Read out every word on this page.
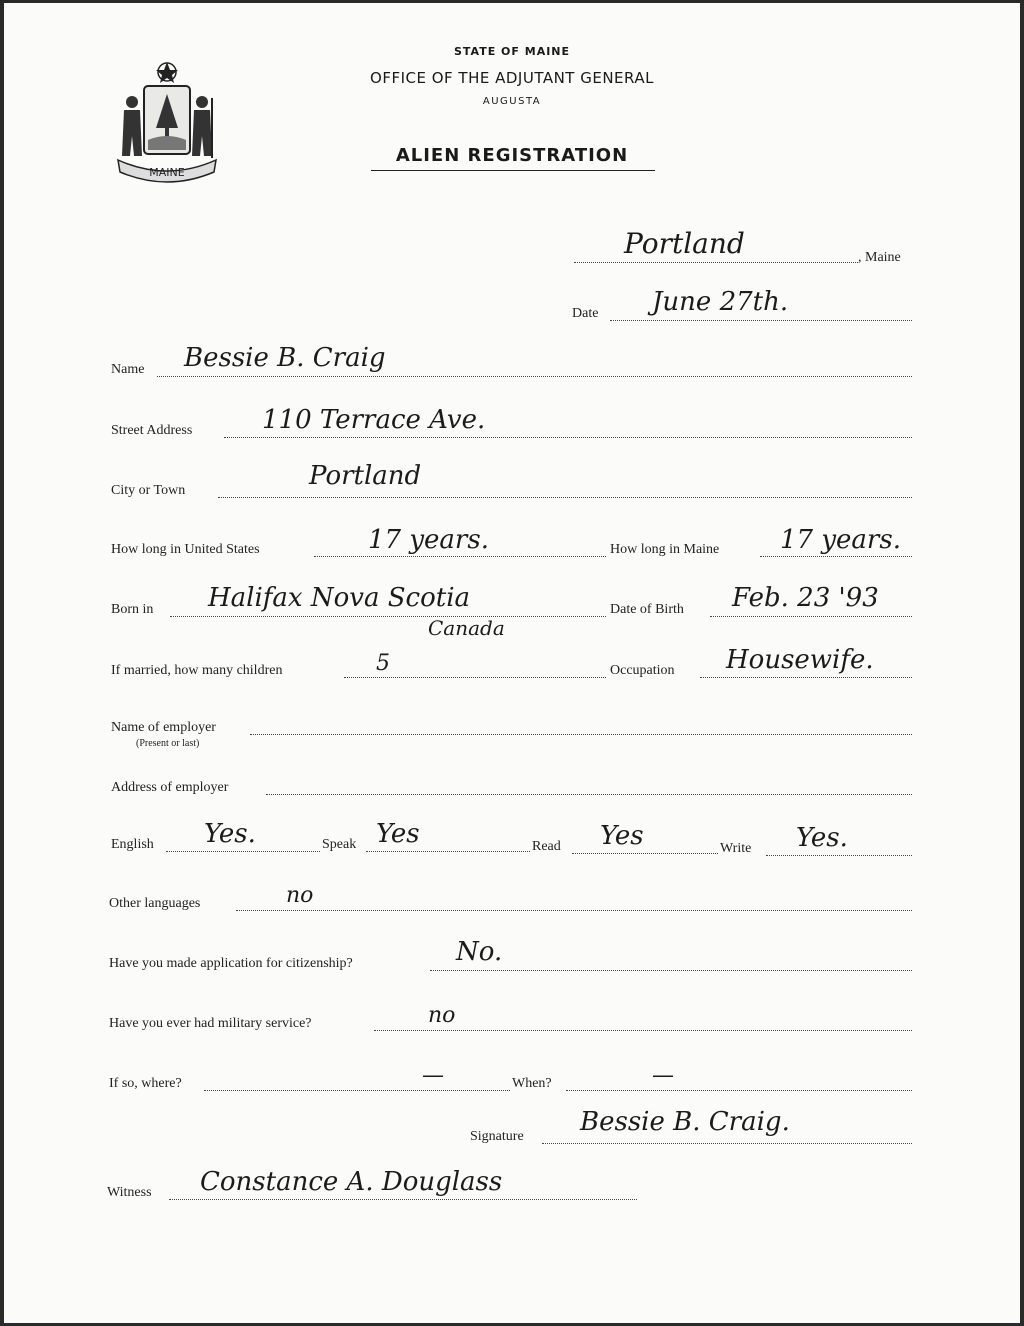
MAINE
STATE OF MAINE
OFFICE OF THE ADJUTANT GENERAL
AUGUSTA
ALIEN REGISTRATION
Portland	, Maine
Date June 27th.
Name Bessie B. Craig
Street Address	110 Terrace Ave.
City or Town	Portland
How long in United States	17 years.	How long in Maine 17 years.
Born in Halifax Nova Scotia
Canada
Date of Birth Feb. 23 '93
If married, how many children	5	Occupation Housewife.
Name of employer
(Present or last)
Address of employer
English Yes.	Speak Yes	Read Yes	Write Yes.
Other languages	no
Have you made application for citizenship?	No.
Have you ever had military service?	no
If so, where?	—	When?	—
Signature Bessie B. Craig.
Witness Constance A. Douglass
